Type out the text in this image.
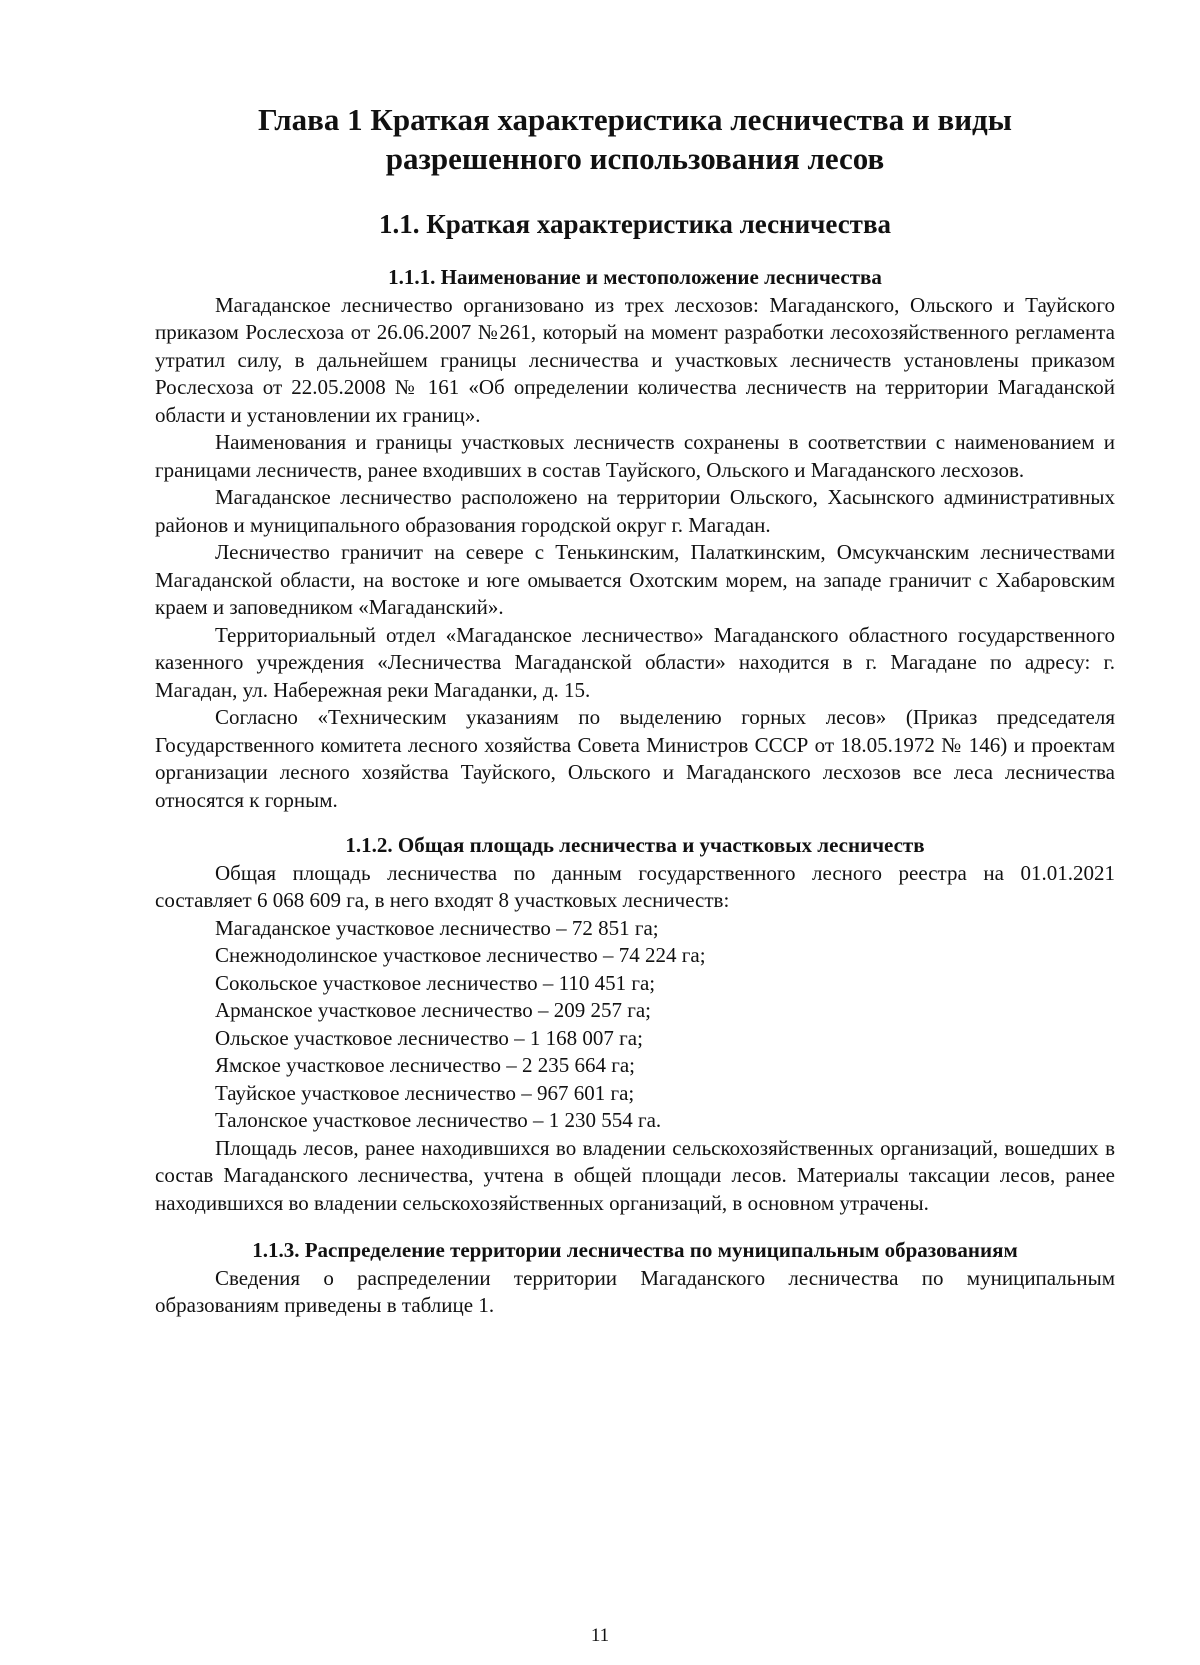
Глава 1 Краткая характеристика лесничества и виды разрешенного использования лесов
1.1. Краткая характеристика лесничества
1.1.1. Наименование и местоположение лесничества

Магаданское лесничество организовано из трех лесхозов: Магаданского, Ольского и Тауйского приказом Рослесхоза от 26.06.2007 №261, который на момент разработки лесохозяйственного регламента утратил силу, в дальнейшем границы лесничества и участковых лесничеств установлены приказом Рослесхоза от 22.05.2008 № 161 «Об определении количества лесничеств на территории Магаданской области и установлении их границ».

Наименования и границы участковых лесничеств сохранены в соответствии с наименованием и границами лесничеств, ранее входивших в состав Тауйского, Ольского и Магаданского лесхозов.

Магаданское лесничество расположено на территории Ольского, Хасынского административных районов и муниципального образования городской округ г. Магадан.

Лесничество граничит на севере с Тенькинским, Палаткинским, Омсукчанским лесничествами Магаданской области, на востоке и юге омывается Охотским морем, на западе граничит с Хабаровским краем и заповедником «Магаданский».

Территориальный отдел «Магаданское лесничество» Магаданского областного государственного казенного учреждения «Лесничества Магаданской области» находится в г. Магадане по адресу: г. Магадан, ул. Набережная реки Магаданки, д. 15.

Согласно «Техническим указаниям по выделению горных лесов» (Приказ председателя Государственного комитета лесного хозяйства Совета Министров СССР от 18.05.1972 № 146) и проектам организации лесного хозяйства Тауйского, Ольского и Магаданского лесхозов все леса лесничества относятся к горным.

1.1.2. Общая площадь лесничества и участковых лесничеств

Общая площадь лесничества по данным государственного лесного реестра на 01.01.2021 составляет 6 068 609 га, в него входят 8 участковых лесничеств:

Магаданское участковое лесничество – 72 851 га;
Снежнодолинское участковое лесничество – 74 224 га;
Сокольское участковое лесничество – 110 451 га;
Арманское участковое лесничество – 209 257 га;
Ольское участковое лесничество – 1 168 007 га;
Ямское участковое лесничество – 2 235 664 га;
Тауйское участковое лесничество – 967 601 га;
Талонское участковое лесничество – 1 230 554 га.

Площадь лесов, ранее находившихся во владении сельскохозяйственных организаций, вошедших в состав Магаданского лесничества, учтена в общей площади лесов. Материалы таксации лесов, ранее находившихся во владении сельскохозяйственных организаций, в основном утрачены.

1.1.3. Распределение территории лесничества по муниципальным образованиям

Сведения о распределении территории Магаданского лесничества по муниципальным образованиям приведены в таблице 1.

11
